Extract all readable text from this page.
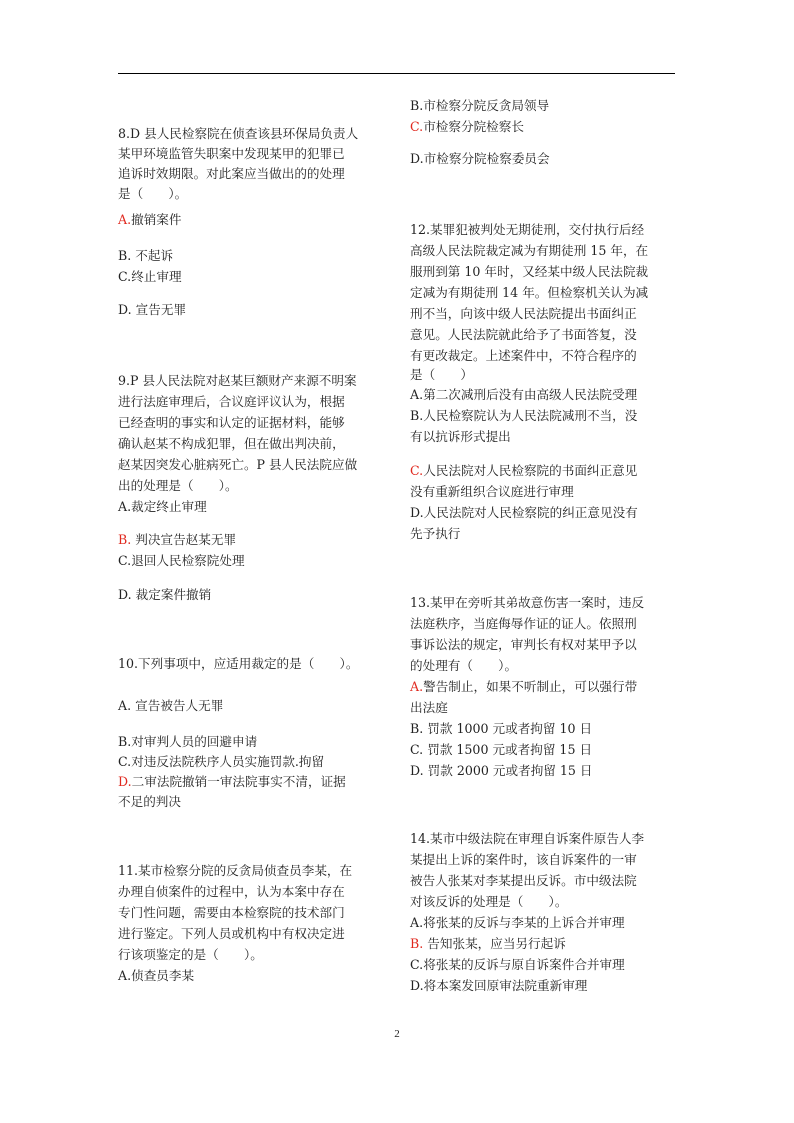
8.D 县人民检察院在侦查该县环保局负责人
某甲环境监管失职案中发现某甲的犯罪已
追诉时效期限。对此案应当做出的的处理
是（　　）。
A.撤销案件
B. 不起诉
C.终止审理
D. 宣告无罪
9.P 县人民法院对赵某巨额财产来源不明案
进行法庭审理后，合议庭评议认为，根据
已经查明的事实和认定的证据材料，能够
确认赵某不构成犯罪，但在做出判决前，
赵某因突发心脏病死亡。P 县人民法院应做
出的处理是（　　）。
A.裁定终止审理
B. 判决宣告赵某无罪
C.退回人民检察院处理
D. 裁定案件撤销
10.下列事项中，应适用裁定的是（　　）。
A. 宣告被告人无罪
B.对审判人员的回避申请
C.对违反法院秩序人员实施罚款.拘留
D.二审法院撤销一审法院事实不清，证据
不足的判决
11.某市检察分院的反贪局侦查员李某，在
办理自侦案件的过程中，认为本案中存在
专门性问题，需要由本检察院的技术部门
进行鉴定。下列人员或机构中有权决定进
行该项鉴定的是（　　）。
A.侦查员李某
B.市检察分院反贪局领导
C.市检察分院检察长
D.市检察分院检察委员会
12.某罪犯被判处无期徒刑，交付执行后经
高级人民法院裁定减为有期徒刑 15 年，在
服刑到第 10 年时，又经某中级人民法院裁
定减为有期徒刑 14 年。但检察机关认为减
刑不当，向该中级人民法院提出书面纠正
意见。人民法院就此给予了书面答复，没
有更改裁定。上述案件中，不符合程序的
是（　　）
A.第二次减刑后没有由高级人民法院受理
B.人民检察院认为人民法院减刑不当，没
有以抗诉形式提出
C.人民法院对人民检察院的书面纠正意见
没有重新组织合议庭进行审理
D.人民法院对人民检察院的纠正意见没有
先予执行
13.某甲在旁听其弟故意伤害一案时，违反
法庭秩序，当庭侮辱作证的证人。依照刑
事诉讼法的规定，审判长有权对某甲予以
的处理有（　　）。
A.警告制止，如果不听制止，可以强行带
出法庭
B. 罚款 1000 元或者拘留 10 日
C. 罚款 1500 元或者拘留 15 日
D. 罚款 2000 元或者拘留 15 日
14.某市中级法院在审理自诉案件原告人李
某提出上诉的案件时，该自诉案件的一审
被告人张某对李某提出反诉。市中级法院
对该反诉的处理是（　　）。
A.将张某的反诉与李某的上诉合并审理
B. 告知张某，应当另行起诉
C.将张某的反诉与原自诉案件合并审理
D.将本案发回原审法院重新审理
2
